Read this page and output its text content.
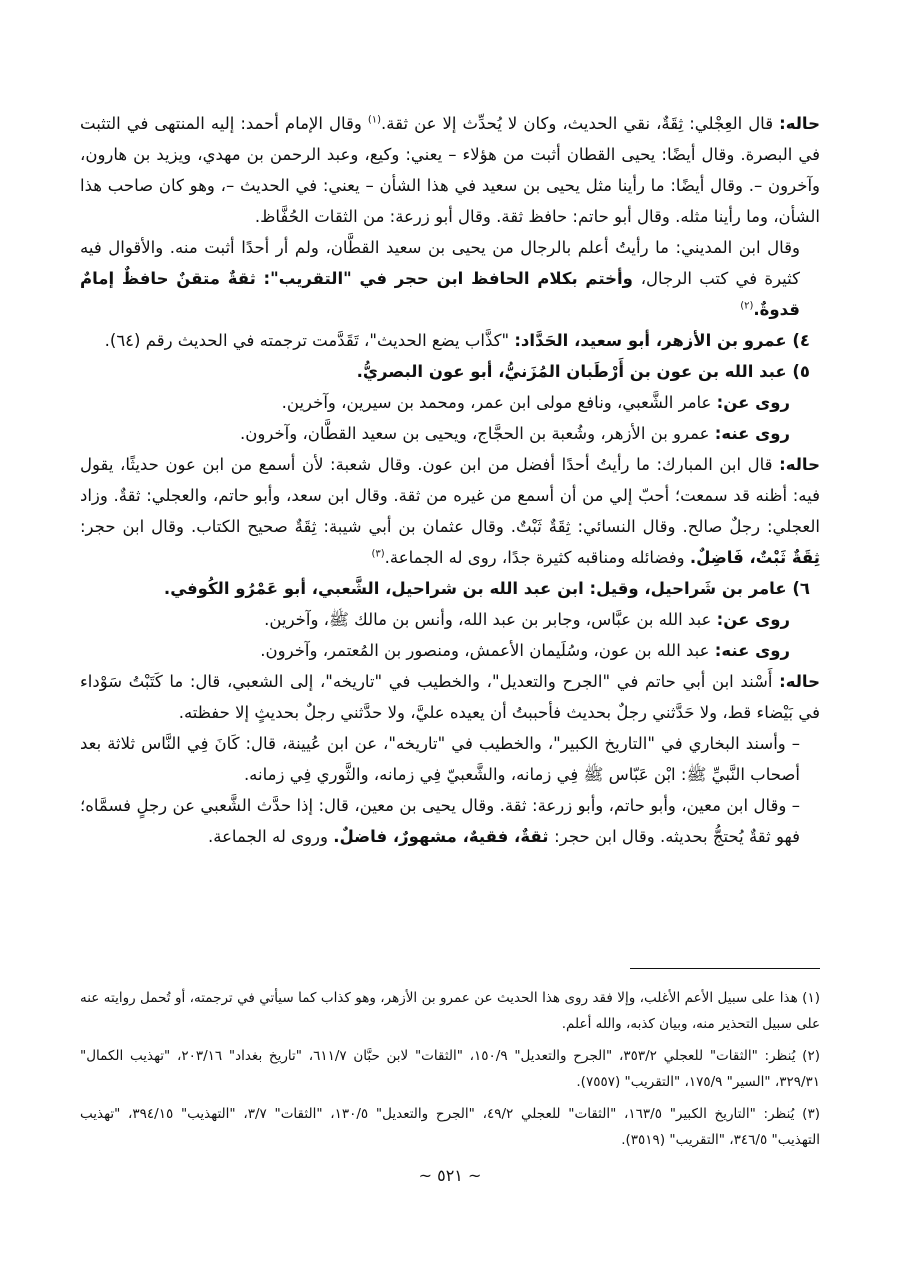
حاله: قال العِجْلي: ثِقَةٌ، نقي الحديث، وكان لا يُحدِّث إلا عن ثقة.$^{(١)}$ وقال الإمام أحمد: إليه المنتهى في التثبت في البصرة. وقال أيضًا: يحيى القطان أثبت من هؤلاء – يعني: وكيع، وعبد الرحمن بن مهدي، ويزيد بن هارون، وآخرون –. وقال أيضًا: ما رأينا مثل يحيى بن سعيد في هذا الشأن – يعني: في الحديث –، وهو كان صاحب هذا الشأن، وما رأينا مثله. وقال أبو حاتم: حافظ ثقة. وقال أبو زرعة: من الثقات الحُفَّاظ.

وقال ابن المديني: ما رأيتُ أعلم بالرجال من يحيى بن سعيد القطَّان، ولم أر أحدًا أثبت منه. والأقوال فيه كثيرة في كتب الرجال، وأختم بكلام الحافظ ابن حجر في "التقريب": ثقةٌ متقنٌ حافظٌ إمامٌ قدوةٌ.$^{(٢)}$

٤) عمرو بن الأزهر، أبو سعيد، الحَدَّاد: "كذَّاب يضع الحديث"، تَقَدَّمت ترجمته في الحديث رقم (٦٤).

٥) عبد الله بن عون بن أَرْطَبان المُزَنيُّ، أبو عون البصريُّ.

روى عن: عامر الشَّعبي، ونافع مولى ابن عمر، ومحمد بن سيرين، وآخرين.

روى عنه: عمرو بن الأزهر، وشُعبة بن الحجَّاج، ويحيى بن سعيد القطَّان، وآخرون.

حاله: قال ابن المبارك: ما رأيتُ أحدًا أفضل من ابن عون. وقال شعبة: لأن أسمع من ابن عون حديثًا، يقول فيه: أظنه قد سمعت؛ أحبّ إلي من أن أسمع من غيره من ثقة. وقال ابن سعد، وأبو حاتم، والعجلي: ثقةٌ. وزاد العجلي: رجلٌ صالح. وقال النسائي: ثِقَةٌ ثَبْتٌ. وقال عثمان بن أبي شيبة: ثِقَةٌ صحيح الكتاب. وقال ابن حجر: ثِقَةٌ ثَبْتٌ، فَاضِلٌ. وفضائله ومناقبه كثيرة جدًا، روى له الجماعة.$^{(٣)}$

٦) عامر بن شَراحيل، وقيل: ابن عبد الله بن شراحيل، الشَّعبي، أبو عَمْرُو الكُوفي.

روى عن: عبد الله بن عبَّاس، وجابر بن عبد الله، وأنس بن مالك ﷺ، وآخرين.

روى عنه: عبد الله بن عون، وسُلَيمان الأعمش، ومنصور بن المُعتمر، وآخرون.

حاله: أَسْند ابن أبي حاتم في "الجرح والتعديل"، والخطيب في "تاريخه"، إلى الشعبي، قال: ما كَتَبْتُ سَوْداء في بَيْضاء قط، ولا حَدَّثني رجلٌ بحديث فأحببتُ أن يعيده عليَّ، ولا حدَّثني رجلٌ بحديثٍ إلا حفظته.

– وأسند البخاري في "التاريخ الكبير"، والخطيب في "تاريخه"، عن ابن عُيينة، قال: كَانَ فِي النَّاس ثلاثة بعد أصحاب النَّبيِّ ﷺ: ابْن عَبّاس ﷺ فِي زمانه، والشَّعبيّ فِي زمانه، والثَّوري فِي زمانه.

– وقال ابن معين، وأبو حاتم، وأبو زرعة: ثقة. وقال يحيى بن معين، قال: إذا حدَّث الشَّعبي عن رجلٍ فسمَّاه؛ فهو ثقةٌ يُحتجُّ بحديثه. وقال ابن حجر: ثقةٌ، فقيهٌ، مشهورٌ، فاضلٌ. وروى له الجماعة.

(١) هذا على سبيل الأعم الأغلب، وإلا فقد روى هذا الحديث عن عمرو بن الأزهر، وهو كذاب كما سيأتي في ترجمته، أو تُحمل روايته عنه على سبيل التحذير منه، وبيان كذبه، والله أعلم.

(٢) يُنظر: "الثقات" للعجلي ٣٥٣/٢، "الجرح والتعديل" ١٥٠/٩، "الثقات" لابن حبَّان ٦١١/٧، "تاريخ بغداد" ٢٠٣/١٦، "تهذيب الكمال" ٣٢٩/٣١، "السير" ١٧٥/٩، "التقريب" (٧٥٥٧).

(٣) يُنظر: "التاريخ الكبير" ١٦٣/٥، "الثقات" للعجلي ٤٩/٢، "الجرح والتعديل" ١٣٠/٥، "الثقات" ٣/٧، "التهذيب" ٣٩٤/١٥، "تهذيب التهذيب" ٣٤٦/٥، "التقريب" (٣٥١٩).

~ ٥٢١ ~
